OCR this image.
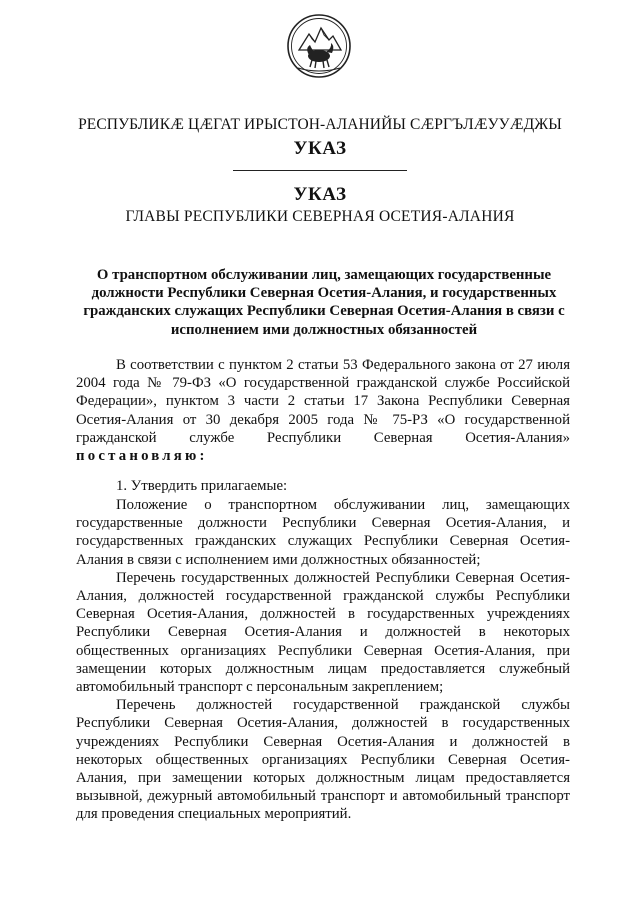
РЕСПУБЛИКӔ ЦӔГАТ ИРЫСТОН-АЛАНИЙЫ СӔРГЪЛӔУУӔДЖЫ
УКАЗ
УКАЗ
ГЛАВЫ РЕСПУБЛИКИ СЕВЕРНАЯ ОСЕТИЯ-АЛАНИЯ
О транспортном обслуживании лиц, замещающих государственные должности Республики Северная Осетия-Алания, и государственных гражданских служащих Республики Северная Осетия-Алания в связи с исполнением ими должностных обязанностей

В соответствии с пунктом 2 статьи 53 Федерального закона от 27 июля 2004 года № 79-ФЗ «О государственной гражданской службе Российской Федерации», пунктом 3 части 2 статьи 17 Закона Республики Северная Осетия-Алания от 30 декабря 2005 года № 75-РЗ «О государственной гражданской службе Республики Северная Осетия-Алания» постановляю:

1. Утвердить прилагаемые:

Положение о транспортном обслуживании лиц, замещающих государственные должности Республики Северная Осетия-Алания, и государственных гражданских служащих Республики Северная Осетия-Алания в связи с исполнением ими должностных обязанностей;

Перечень государственных должностей Республики Северная Осетия-Алания, должностей государственной гражданской службы Республики Северная Осетия-Алания, должностей в государственных учреждениях Республики Северная Осетия-Алания и должностей в некоторых общественных организациях Республики Северная Осетия-Алания, при замещении которых должностным лицам предоставляется служебный автомобильный транспорт с персональным закреплением;

Перечень должностей государственной гражданской службы Республики Северная Осетия-Алания, должностей в государственных учреждениях Республики Северная Осетия-Алания и должностей в некоторых общественных организациях Республики Северная Осетия-Алания, при замещении которых должностным лицам предоставляется вызывной, дежурный автомобильный транспорт и автомобильный транспорт для проведения специальных мероприятий.
